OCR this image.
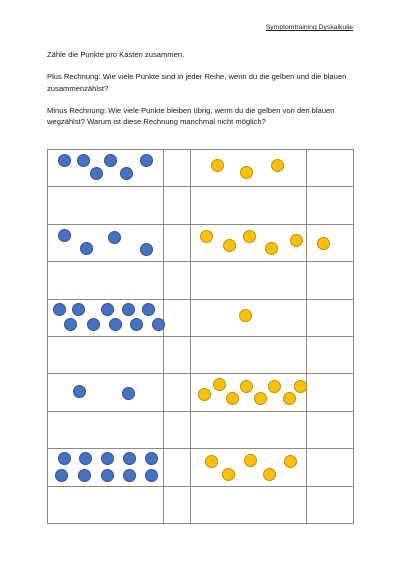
Symptomtraining Dyskalkulie

Zähle die Punkte pro Kasten zusammen.

Plus Rechnung: Wie viele Punkte sind in jeder Reihe, wenn du die gelben und die blauen zusammenzählst?

Minus Rechnung: Wie viele Punkte bleiben übrig, wenn du die gelben von den blauen wegzählst? Warum ist diese Rechnung manchmal nicht möglich?
